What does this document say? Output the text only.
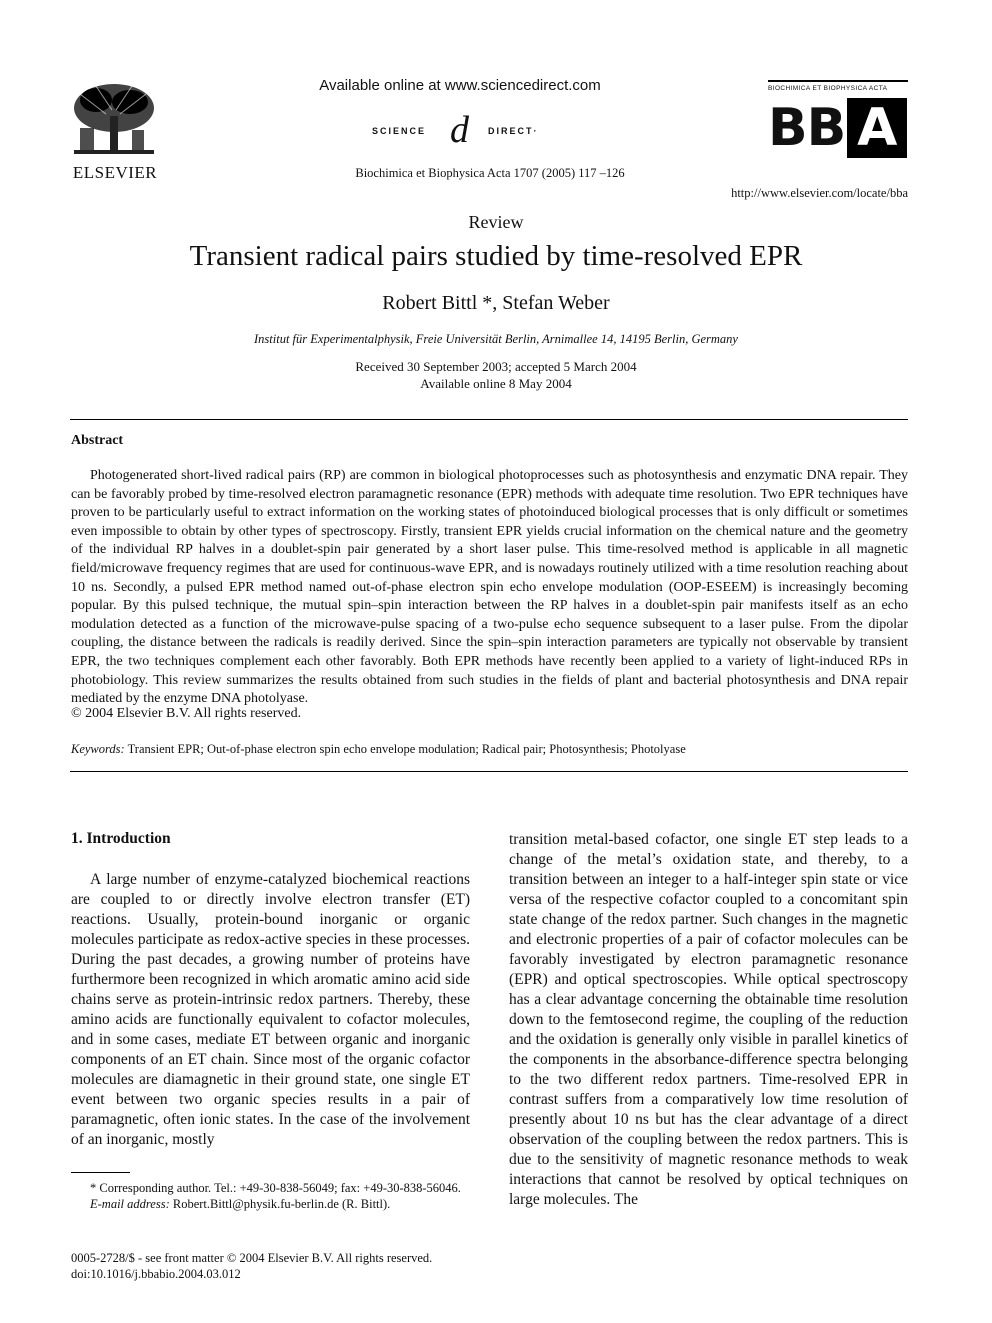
ELSEVIER
Available online at www.sciencedirect.com
SCIENCE d DIRECT·
Biochimica et Biophysica Acta 1707 (2005) 117 –126
BIOCHIMICA ET BIOPHYSICA ACTA
BB A
http://www.elsevier.com/locate/bba
Review
Transient radical pairs studied by time-resolved EPR
Robert Bittl *, Stefan Weber
Institut für Experimentalphysik, Freie Universität Berlin, Arnimallee 14, 14195 Berlin, Germany
Received 30 September 2003; accepted 5 March 2004
Available online 8 May 2004
Abstract

Photogenerated short-lived radical pairs (RP) are common in biological photoprocesses such as photosynthesis and enzymatic DNA repair. They can be favorably probed by time-resolved electron paramagnetic resonance (EPR) methods with adequate time resolution. Two EPR techniques have proven to be particularly useful to extract information on the working states of photoinduced biological processes that is only difficult or sometimes even impossible to obtain by other types of spectroscopy. Firstly, transient EPR yields crucial information on the chemical nature and the geometry of the individual RP halves in a doublet-spin pair generated by a short laser pulse. This time-resolved method is applicable in all magnetic field/microwave frequency regimes that are used for continuous-wave EPR, and is nowadays routinely utilized with a time resolution reaching about 10 ns. Secondly, a pulsed EPR method named out-of-phase electron spin echo envelope modulation (OOP-ESEEM) is increasingly becoming popular. By this pulsed technique, the mutual spin–spin interaction between the RP halves in a doublet-spin pair manifests itself as an echo modulation detected as a function of the microwave-pulse spacing of a two-pulse echo sequence subsequent to a laser pulse. From the dipolar coupling, the distance between the radicals is readily derived. Since the spin–spin interaction parameters are typically not observable by transient EPR, the two techniques complement each other favorably. Both EPR methods have recently been applied to a variety of light-induced RPs in photobiology. This review summarizes the results obtained from such studies in the fields of plant and bacterial photosynthesis and DNA repair mediated by the enzyme DNA photolyase.

© 2004 Elsevier B.V. All rights reserved.
Keywords: Transient EPR; Out-of-phase electron spin echo envelope modulation; Radical pair; Photosynthesis; Photolyase
1. Introduction

A large number of enzyme-catalyzed biochemical reactions are coupled to or directly involve electron transfer (ET) reactions. Usually, protein-bound inorganic or organic molecules participate as redox-active species in these processes. During the past decades, a growing number of proteins have furthermore been recognized in which aromatic amino acid side chains serve as protein-intrinsic redox partners. Thereby, these amino acids are functionally equivalent to cofactor molecules, and in some cases, mediate ET between organic and inorganic components of an ET chain. Since most of the organic cofactor molecules are diamagnetic in their ground state, one single ET event between two organic species results in a pair of paramagnetic, often ionic states. In the case of the involvement of an inorganic, mostly

transition metal-based cofactor, one single ET step leads to a change of the metal’s oxidation state, and thereby, to a transition between an integer to a half-integer spin state or vice versa of the respective cofactor coupled to a concomitant spin state change of the redox partner. Such changes in the magnetic and electronic properties of a pair of cofactor molecules can be favorably investigated by electron paramagnetic resonance (EPR) and optical spectroscopies. While optical spectroscopy has a clear advantage concerning the obtainable time resolution down to the femtosecond regime, the coupling of the reduction and the oxidation is generally only visible in parallel kinetics of the components in the absorbance-difference spectra belonging to the two different redox partners. Time-resolved EPR in contrast suffers from a comparatively low time resolution of presently about 10 ns but has the clear advantage of a direct observation of the coupling between the redox partners. This is due to the sensitivity of magnetic resonance methods to weak interactions that cannot be resolved by optical techniques on large molecules. The

* Corresponding author. Tel.: +49-30-838-56049; fax: +49-30-838-56046.

E-mail address: Robert.Bittl@physik.fu-berlin.de (R. Bittl).

0005-2728/$ - see front matter © 2004 Elsevier B.V. All rights reserved.
doi:10.1016/j.bbabio.2004.03.012
